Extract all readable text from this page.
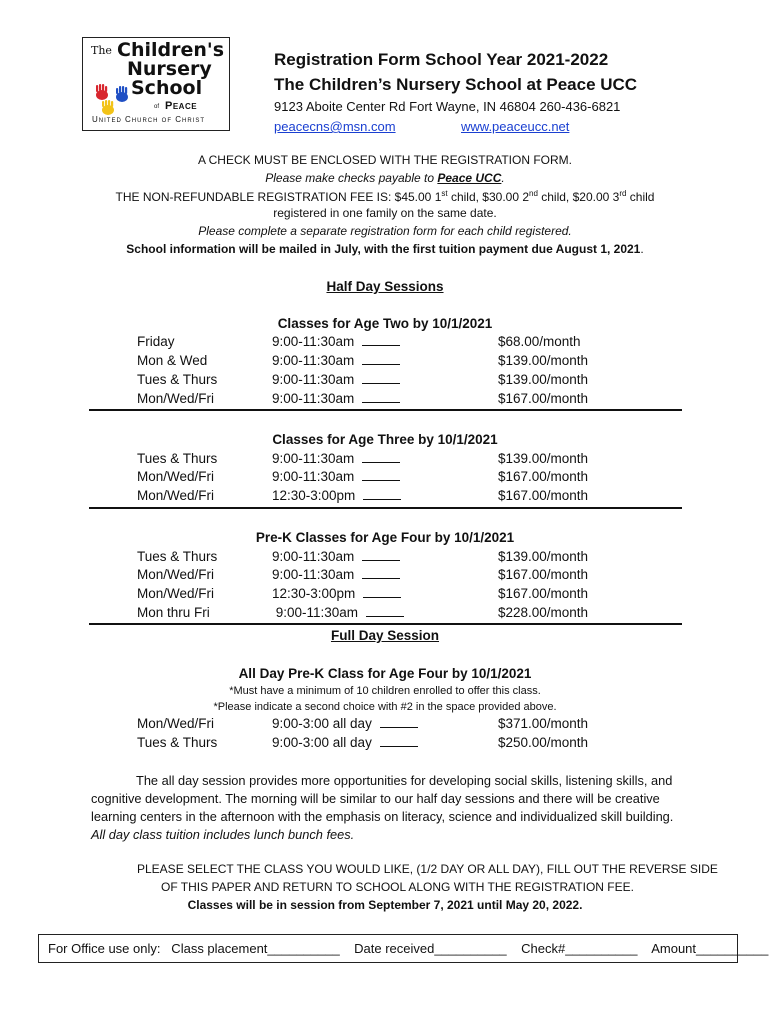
The Children's
Nursery
School
of Peace
United Church of Christ
Registration Form School Year 2021-2022
The Children’s Nursery School at Peace UCC
9123 Aboite Center Rd Fort Wayne, IN 46804 260-436-6821
peacecns@msn.com	www.peaceucc.net
A CHECK MUST BE ENCLOSED WITH THE REGISTRATION FORM.
Please make checks payable to Peace UCC.
THE NON-REFUNDABLE REGISTRATION FEE IS: $45.00 1st child, $30.00 2nd child, $20.00 3rd child
registered in one family on the same date.
Please complete a separate registration form for each child registered.
School information will be mailed in July, with the first tuition payment due August 1, 2021.
Half Day Sessions
Classes for Age Two by 10/1/2021
Friday	9:00-11:30am	$68.00/month
Mon & Wed	9:00-11:30am	$139.00/month
Tues & Thurs	9:00-11:30am	$139.00/month
Mon/Wed/Fri	9:00-11:30am	$167.00/month
Classes for Age Three by 10/1/2021
Tues & Thurs	9:00-11:30am	$139.00/month
Mon/Wed/Fri	9:00-11:30am	$167.00/month
Mon/Wed/Fri	12:30-3:00pm	$167.00/month
Pre-K Classes for Age Four by 10/1/2021
Tues & Thurs	9:00-11:30am	$139.00/month
Mon/Wed/Fri	9:00-11:30am	$167.00/month
Mon/Wed/Fri	12:30-3:00pm	$167.00/month
Mon thru Fri	9:00-11:30am	$228.00/month
Full Day Session
All Day Pre-K Class for Age Four by 10/1/2021
*Must have a minimum of 10 children enrolled to offer this class.
*Please indicate a second choice with #2 in the space provided above.
Mon/Wed/Fri	9:00-3:00 all day	$371.00/month
Tues & Thurs	9:00-3:00 all day	$250.00/month
The all day session provides more opportunities for developing social skills, listening skills, and
cognitive development. The morning will be similar to our half day sessions and there will be creative
learning centers in the afternoon with the emphasis on literacy, science and individualized skill building.
All day class tuition includes lunch bunch fees.
PLEASE SELECT THE CLASS YOU WOULD LIKE, (1/2 DAY OR ALL DAY), FILL OUT THE REVERSE SIDE
OF THIS PAPER AND RETURN TO SCHOOL ALONG WITH THE REGISTRATION FEE.
Classes will be in session from September 7, 2021 until May 20, 2022.
For Office use only:   Class placement__________    Date received__________    Check#__________    Amount__________
